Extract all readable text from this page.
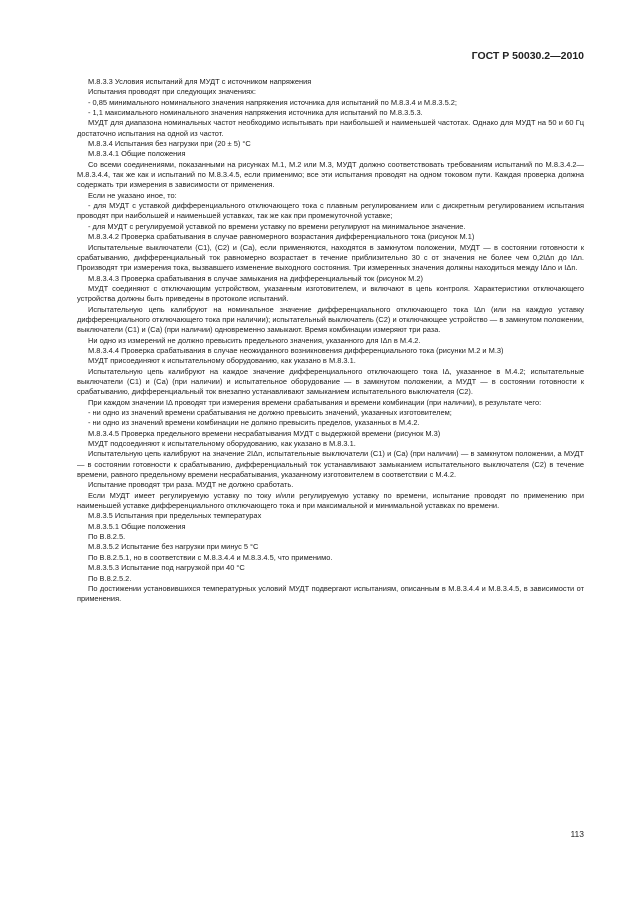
ГОСТ Р 50030.2—2010

М.8.3.3 Условия испытаний для МУДТ с источником напряжения

Испытания проводят при следующих значениях:

- 0,85 минимального номинального значения напряжения источника для испытаний по М.8.3.4 и М.8.3.5.2;

- 1,1 максимального номинального значения напряжения источника для испытаний по М.8.3.5.3.

МУДТ для диапазона номинальных частот необходимо испытывать при наибольшей и наименьшей частотах. Однако для МУДТ на 50 и 60 Гц достаточно испытания на одной из частот.

М.8.3.4 Испытания без нагрузки при (20 ± 5) °С

М.8.3.4.1 Общие положения

Со всеми соединениями, показанными на рисунках М.1, М.2 или М.3, МУДТ должно соответствовать требованиям испытаний по М.8.3.4.2— М.8.3.4.4, так же как и испытаний по М.8.3.4.5, если применимо; все эти испытания проводят на одном токовом пути. Каждая проверка должна содержать три измерения в зависимости от применения.

Если не указано иное, то:

- для МУДТ с уставкой дифференциального отключающего тока с плавным регулированием или с дискретным регулированием испытания проводят при наибольшей и наименьшей уставках, так же как при промежуточной уставке;

- для МУДТ с регулируемой уставкой по времени уставку по времени регулируют на минимальное значение.

М.8.3.4.2 Проверка срабатывания в случае равномерного возрастания дифференциального тока (рисунок М.1)

Испытательные выключатели (С1), (С2) и (Са), если применяются, находятся в замкнутом положении, МУДТ — в состоянии готовности к срабатыванию, дифференциальный ток равномерно возрастает в течение приблизительно 30 с от значения не более чем 0,2IΔn до IΔn. Производят три измерения тока, вызвавшего изменение выходного состояния. Три измеренных значения должны находиться между IΔno и IΔn.

М.8.3.4.3 Проверка срабатывания в случае замыкания на дифференциальный ток (рисунок М.2)

МУДТ соединяют с отключающим устройством, указанным изготовителем, и включают в цепь контроля. Характеристики отключающего устройства должны быть приведены в протоколе испытаний.

Испытательную цепь калибруют на номинальное значение дифференциального отключающего тока IΔn (или на каждую уставку дифференциального отключающего тока при наличии); испытательный выключатель (С2) и отключающее устройство — в замкнутом положении, выключатели (С1) и (Са) (при наличии) одновременно замыкают. Время комбинации измеряют три раза.

Ни одно из измерений не должно превысить предельного значения, указанного для IΔn в М.4.2.

М.8.3.4.4 Проверка срабатывания в случае неожиданного возникновения дифференциального тока (рисунки М.2 и М.3)

МУДТ присоединяют к испытательному оборудованию, как указано в М.8.3.1.

Испытательную цепь калибруют на каждое значение дифференциального отключающего тока IΔ, указанное в М.4.2; испытательные выключатели (С1) и (Са) (при наличии) и испытательное оборудование — в замкнутом положении, а МУДТ — в состоянии готовности к срабатыванию, дифференциальный ток внезапно устанавливают замыканием испытательного выключателя (С2).

При каждом значении IΔ проводят три измерения времени срабатывания и времени комбинации (при наличии), в результате чего:

- ни одно из значений времени срабатывания не должно превысить значений, указанных изготовителем;

- ни одно из значений времени комбинации не должно превысить пределов, указанных в М.4.2.

М.8.3.4.5 Проверка предельного времени несрабатывания МУДТ с выдержкой времени (рисунок М.3)

МУДТ подсоединяют к испытательному оборудованию, как указано в М.8.3.1.

Испытательную цепь калибруют на значение 2IΔn, испытательные выключатели (С1) и (Са) (при наличии) — в замкнутом положении, а МУДТ — в состоянии готовности к срабатыванию, дифференциальный ток устанавливают замыканием испытательного выключателя (С2) в течение времени, равного предельному времени несрабатывания, указанному изготовителем в соответствии с М.4.2.

Испытание проводят три раза. МУДТ не должно сработать.

Если МУДТ имеет регулируемую уставку по току и/или регулируемую уставку по времени, испытание проводят по применению при наименьшей уставке дифференциального отключающего тока и при максимальной и минимальной уставках по времени.

М.8.3.5 Испытания при предельных температурах

М.8.3.5.1 Общие положения

По В.8.2.5.

М.8.3.5.2 Испытание без нагрузки при минус 5 °С

По В.8.2.5.1, но в соответствии с М.8.3.4.4 и М.8.3.4.5, что применимо.

М.8.3.5.3 Испытание под нагрузкой при 40 °С

По В.8.2.5.2.

По достижении установившихся температурных условий МУДТ подвергают испытаниям, описанным в М.8.3.4.4 и М.8.3.4.5, в зависимости от применения.

113
